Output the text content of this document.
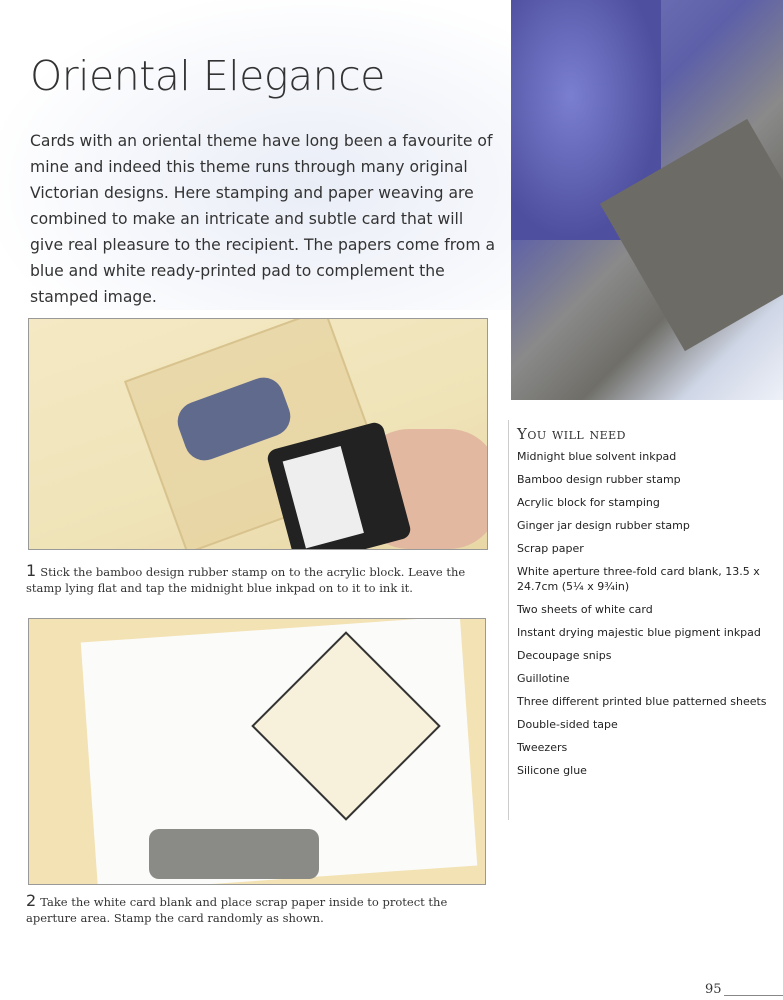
Oriental Elegance

Cards with an oriental theme have long been a favourite of mine and indeed this theme runs through many original Victorian designs. Here stamping and paper weaving are combined to make an intricate and subtle card that will give real pleasure to the recipient. The papers come from a blue and white ready-printed pad to complement the stamped image.

1 Stick the bamboo design rubber stamp on to the acrylic block. Leave the stamp lying flat and tap the midnight blue inkpad on to it to ink it.
2 Take the white card blank and place scrap paper inside to protect the aperture area. Stamp the card randomly as shown.
You will need
Midnight blue solvent inkpad
Bamboo design rubber stamp
Acrylic block for stamping
Ginger jar design rubber stamp
Scrap paper
White aperture three-fold card blank, 13.5 x 24.7cm (5¼ x 9¾in)
Two sheets of white card
Instant drying majestic blue pigment inkpad
Decoupage snips
Guillotine
Three different printed blue patterned sheets
Double-sided tape
Tweezers
Silicone glue
95
